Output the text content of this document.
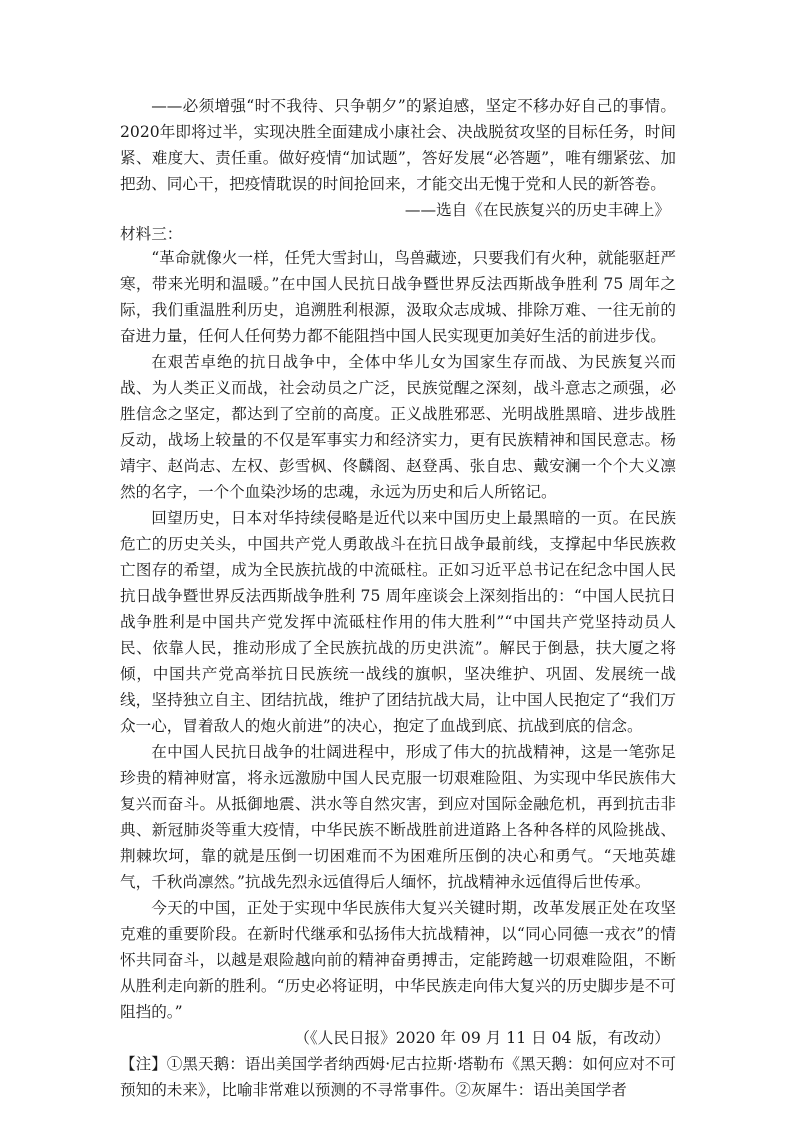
——必须增强“时不我待、只争朝夕”的紧迫感，坚定不移办好自己的事情。2020年即将过半，实现决胜全面建成小康社会、决战脱贫攻坚的目标任务，时间紧、难度大、责任重。做好疫情“加试题”，答好发展“必答题”，唯有绷紧弦、加把劲、同心干，把疫情耽误的时间抢回来，才能交出无愧于党和人民的新答卷。

——选自《在民族复兴的历史丰碑上》

材料三：

“革命就像火一样，任凭大雪封山，鸟兽藏迹，只要我们有火种，就能驱赶严寒，带来光明和温暖。”在中国人民抗日战争暨世界反法西斯战争胜利 75 周年之际，我们重温胜利历史，追溯胜利根源，汲取众志成城、排除万难、一往无前的奋进力量，任何人任何势力都不能阻挡中国人民实现更加美好生活的前进步伐。

在艰苦卓绝的抗日战争中，全体中华儿女为国家生存而战、为民族复兴而战、为人类正义而战，社会动员之广泛，民族觉醒之深刻，战斗意志之顽强，必胜信念之坚定，都达到了空前的高度。正义战胜邪恶、光明战胜黑暗、进步战胜反动，战场上较量的不仅是军事实力和经济实力，更有民族精神和国民意志。杨靖宇、赵尚志、左权、彭雪枫、佟麟阁、赵登禹、张自忠、戴安澜一个个大义凛然的名字，一个个血染沙场的忠魂，永远为历史和后人所铭记。

回望历史，日本对华持续侵略是近代以来中国历史上最黑暗的一页。在民族危亡的历史关头，中国共产党人勇敢战斗在抗日战争最前线，支撑起中华民族救亡图存的希望，成为全民族抗战的中流砥柱。正如习近平总书记在纪念中国人民抗日战争暨世界反法西斯战争胜利 75 周年座谈会上深刻指出的：“中国人民抗日战争胜利是中国共产党发挥中流砥柱作用的伟大胜利”“中国共产党坚持动员人民、依靠人民，推动形成了全民族抗战的历史洪流”。解民于倒悬，扶大厦之将倾，中国共产党高举抗日民族统一战线的旗帜，坚决维护、巩固、发展统一战线，坚持独立自主、团结抗战，维护了团结抗战大局，让中国人民抱定了“我们万众一心，冒着敌人的炮火前进”的决心，抱定了血战到底、抗战到底的信念。

在中国人民抗日战争的壮阔进程中，形成了伟大的抗战精神，这是一笔弥足珍贵的精神财富，将永远激励中国人民克服一切艰难险阻、为实现中华民族伟大复兴而奋斗。从抵御地震、洪水等自然灾害，到应对国际金融危机，再到抗击非典、新冠肺炎等重大疫情，中华民族不断战胜前进道路上各种各样的风险挑战、荆棘坎坷，靠的就是压倒一切困难而不为困难所压倒的决心和勇气。“天地英雄气，千秋尚凛然。”抗战先烈永远值得后人缅怀，抗战精神永远值得后世传承。

今天的中国，正处于实现中华民族伟大复兴关键时期，改革发展正处在攻坚克难的重要阶段。在新时代继承和弘扬伟大抗战精神，以“同心同德一戎衣”的情怀共同奋斗，以越是艰险越向前的精神奋勇搏击，定能跨越一切艰难险阻，不断从胜利走向新的胜利。“历史必将证明，中华民族走向伟大复兴的历史脚步是不可阻挡的。”

（《人民日报》2020 年 09 月 11 日 04 版，有改动）

【注】①黑天鹅：语出美国学者纳西姆·尼古拉斯·塔勒布《黑天鹅：如何应对不可预知的未来》，比喻非常难以预测的不寻常事件。②灰犀牛：语出美国学者
